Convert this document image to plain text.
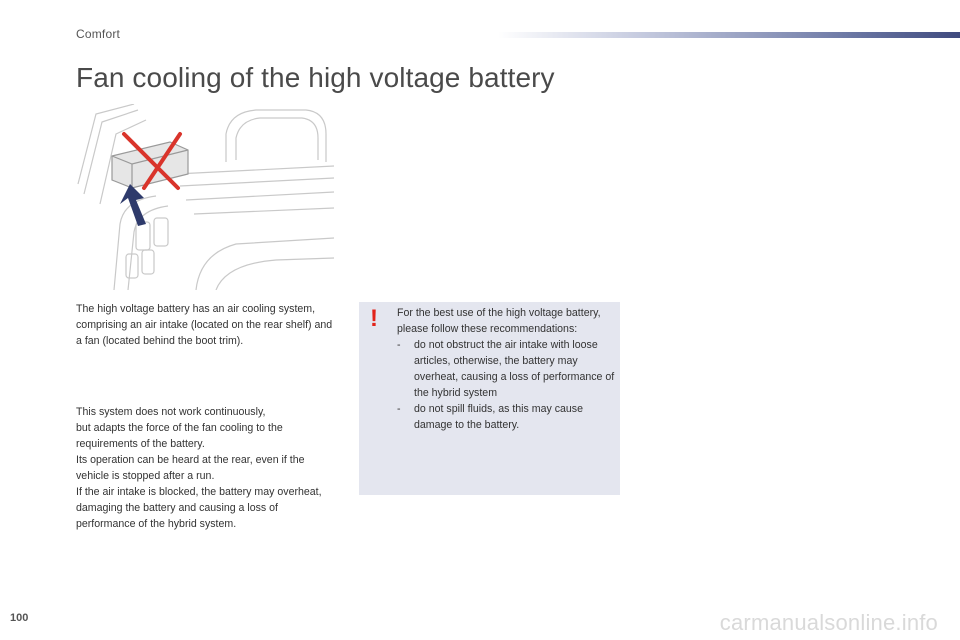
Comfort
Fan cooling of the high voltage battery

The high voltage battery has an air cooling system, comprising an air intake (located on the rear shelf) and a fan (located behind the boot trim).

This system does not work continuously,
but adapts the force of the fan cooling to the requirements of the battery.
Its operation can be heard at the rear, even if the vehicle is stopped after a run.
If the air intake is blocked, the battery may overheat, damaging the battery and causing a loss of performance of the hybrid system.

! For the best use of the high voltage battery, please follow these recommendations:
- do not obstruct the air intake with loose articles, otherwise, the battery may overheat, causing a loss of performance of the hybrid system
- do not spill fluids, as this may cause damage to the battery.
100	carmanualsonline.info
